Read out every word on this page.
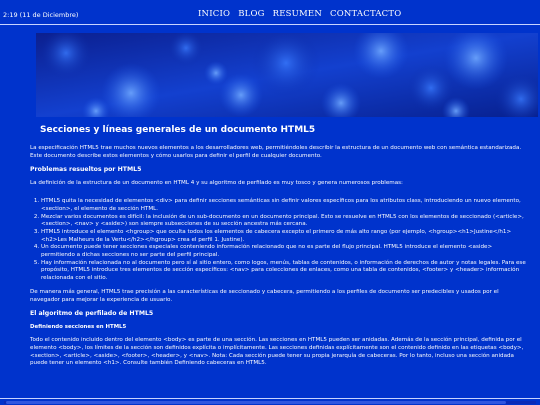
2:19 (11 de Diciembre)	INICIO BLOG RESUMEN CONTACTACTO
Secciones y líneas generales de un documento HTML5

La especificación HTML5 trae muchos nuevos elementos a los desarrolladores web, permitiéndoles describir la estructura de un documento web con semántica estandarizada. Este documento describe estos elementos y cómo usarlos para definir el perfil de cualquier documento.

Problemas resueltos por HTML5

La definición de la estructura de un documento en HTML 4 y su algoritmo de perfilado es muy tosco y genera numerosos problemas:

1. HTML5 quita la necesidad de elementos <div> para definir secciones semánticas sin definir valores específicos para los atributos class, introduciendo un nuevo elemento, <section>, el elemento de sección HTML.
2. Mezclar varios documentos es difícil: la inclusión de un sub-documento en un documento principal. Esto se resuelve en HTML5 con los elementos de seccionado (<article>, <section>, <nav> y <aside>) son siempre subsecciones de su sección ancestra más cercana.
3. HTML5 introduce el elemento <hgroup> que oculta todos los elementos de cabecera excepto el primero de más alto rango (por ejemplo, <hgroup><h1>Justine</h1><h2>Les Malheurs de la Vertu</h2></hgroup> crea el perfil 1. Justine).
4. Un documento puede tener secciones especiales conteniendo información relacionado que no es parte del flujo principal. HTML5 introduce el elemento <aside> permitiendo a dichas secciones no ser parte del perfil principal.
5. Hay información relacionada no al documento pero sí al sitio entero, como logos, menús, tablas de contenidos, o información de derechos de autor y notas legales. Para ese propósito, HTML5 introduce tres elementos de sección específicos: <nav> para colecciones de enlaces, como una tabla de contenidos, <footer> y <header> información relacionada con el sitio.

De manera más general, HTML5 trae precisión a las características de seccionado y cabecera, permitiendo a los perfiles de documento ser predecibles y usados por el navegador para mejorar la experiencia de usuario.

El algoritmo de perfilado de HTML5
Definiendo secciones en HTML5

Todo el contenido incluido dentro del elemento <body> es parte de una sección. Las secciones en HTML5 pueden ser anidadas. Además de la sección principal, definida por el elemento <body>, los límites de la sección son definidos explícita o implícitamente. Las secciones definidas explícitamente son el contenido definido en las etiquetas <body>, <section>, <article>, <aside>, <footer>, <header>, y <nav>. Nota: Cada sección puede tener su propia jerarquía de cabeceras. Por lo tanto, incluso una sección anidada puede tener un elemento <h1>. Consulte también Definiendo cabeceras en HTML5.
